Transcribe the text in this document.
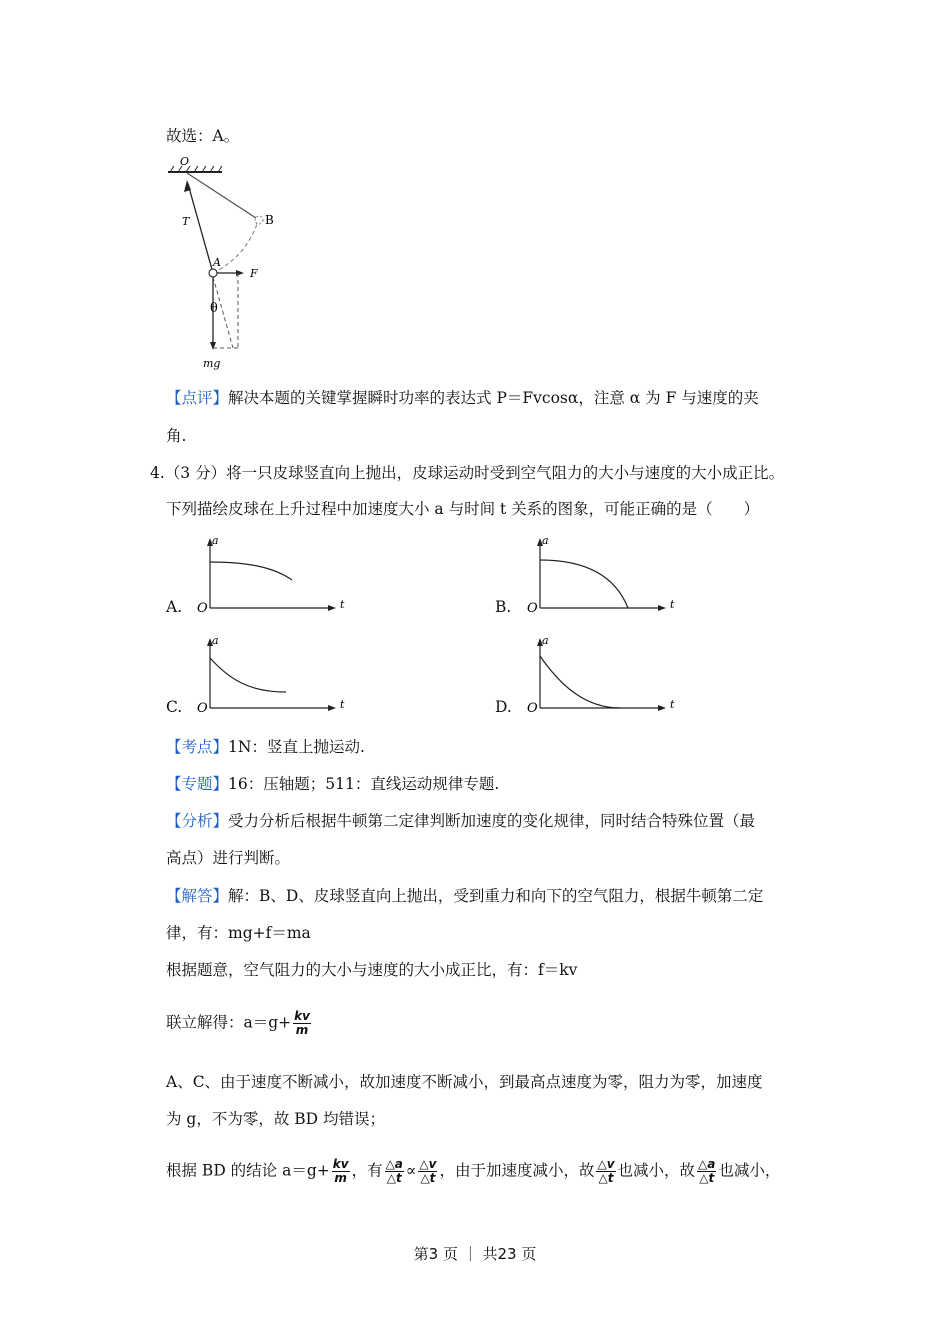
故选：A。
O
B
T
A
F
mg
θ
【点评】解决本题的关键掌握瞬时功率的表达式 P＝Fvcosα，注意 α 为 F 与速度的夹
角.
4.（3 分）将一只皮球竖直向上抛出，皮球运动时受到空气阻力的大小与速度的大小成正比。
下列描绘皮球在上升过程中加速度大小 a 与时间 t 关系的图象，可能正确的是（　　）
A.
a
t
O	B.
a
t
O
C.
a
t
O	D.
a
t
O
【考点】1N：竖直上抛运动.
【专题】16：压轴题；511：直线运动规律专题.
【分析】受力分析后根据牛顿第二定律判断加速度的变化规律，同时结合特殊位置（最
高点）进行判断。
【解答】解：B、D、皮球竖直向上抛出，受到重力和向下的空气阻力，根据牛顿第二定
律，有：mg+f＝ma
根据题意，空气阻力的大小与速度的大小成正比，有：f＝kv
联立解得：$a=g+ \frac{kv}{m}$
A、C、由于速度不断减小，故加速度不断减小，到最高点速度为零，阻力为零，加速度
为 g，不为零，故 BD 均错误；
根据 BD 的结论 $a=g+ \frac{kv}{m}$ ，有 $\frac{\triangle a}{\triangle t} \propto \frac{\triangle v}{\triangle t}$ ，由于加速度减小，故 $\frac{\triangle v}{\triangle t}$ 也减小，故 $\frac{\triangle a}{\triangle t}$ 也减小，
第3 页 ｜ 共23 页
